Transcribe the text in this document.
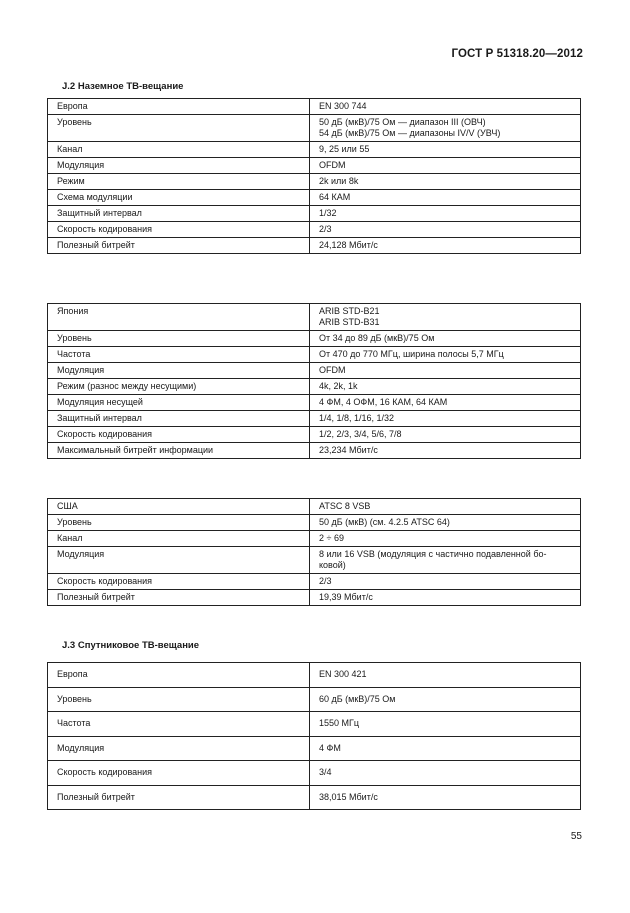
ГОСТ Р 51318.20—2012
J.2 Наземное ТВ-вещание
Европа	EN 300 744

Уровень	50 дБ (мкВ)/75 Ом — диапазон III (ОВЧ)
54 дБ (мкВ)/75 Ом — диапазоны IV/V (УВЧ)

Канал	9, 25 или 55

Модуляция	OFDM

Режим	2k или 8k

Схема модуляции	64 КАМ

Защитный интервал	1/32

Скорость кодирования	2/3

Полезный битрейт	24,128 Мбит/с
Япония	ARIB STD-B21
ARIB STD-B31

Уровень	От 34 до 89 дБ (мкВ)/75 Ом

Частота	От 470 до 770 МГц, ширина полосы 5,7 МГц

Модуляция	OFDM

Режим (разнос между несущими)	4k, 2k, 1k

Модуляция несущей	4 ФМ, 4 ОФМ, 16 КАМ, 64 КАМ

Защитный интервал	1/4, 1/8, 1/16, 1/32

Скорость кодирования	1/2, 2/3, 3/4, 5/6, 7/8

Максимальный битрейт информации	23,234 Мбит/с
США	ATSC 8 VSB

Уровень	50 дБ (мкВ) (см. 4.2.5 ATSC 64)

Канал	2 ÷ 69

Модуляция	8 или 16 VSB (модуляция с частично подавленной бо-
ковой)

Скорость кодирования	2/3

Полезный битрейт	19,39 Мбит/с
J.3 Спутниковое ТВ-вещание
Европа	EN 300 421

Уровень	60 дБ (мкВ)/75 Ом

Частота	1550 МГц

Модуляция	4 ФМ

Скорость кодирования	3/4

Полезный битрейт	38,015 Мбит/с
55
